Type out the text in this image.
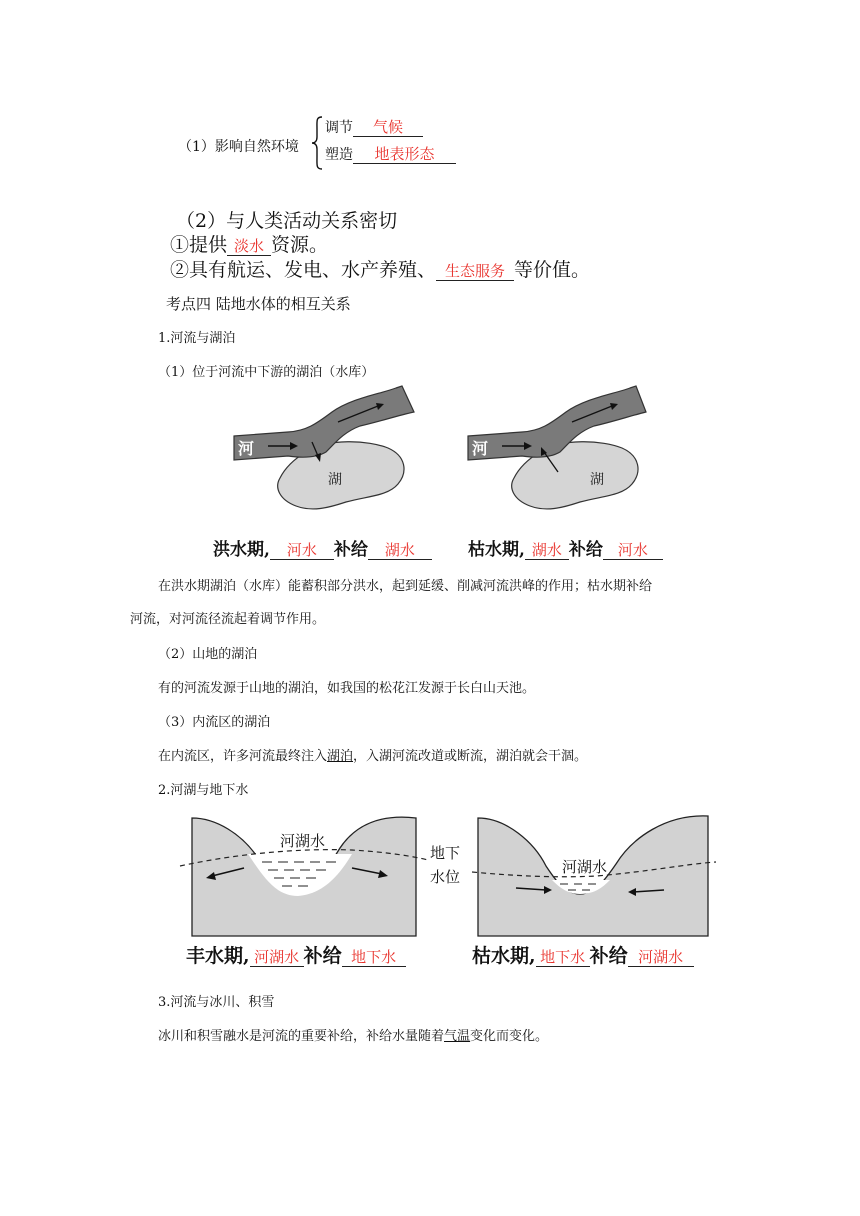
（1）影响自然环境
调节 气候
塑造 地表形态
（2）与人类活动关系密切
①提供 淡水 资源。
②具有航运、发电、水产养殖、 生态服务 等价值。
考点四 陆地水体的相互关系
1.河流与湖泊
（1）位于河流中下游的湖泊（水库）
河
湖
河
湖
洪水期, 河水 补给 湖水	枯水期, 湖水 补给 河水
在洪水期湖泊（水库）能蓄积部分洪水，起到延缓、削减河流洪峰的作用；枯水期补给
河流，对河流径流起着调节作用。
（2）山地的湖泊
有的河流发源于山地的湖泊，如我国的松花江发源于长白山天池。
（3）内流区的湖泊
在内流区，许多河流最终注入湖泊，入湖河流改道或断流，湖泊就会干涸。
2.河湖与地下水
河湖水
地下
水位
河湖水
丰水期, 河湖水 补给 地下水	枯水期, 地下水 补给 河湖水
3.河流与冰川、积雪
冰川和积雪融水是河流的重要补给，补给水量随着气温变化而变化。
